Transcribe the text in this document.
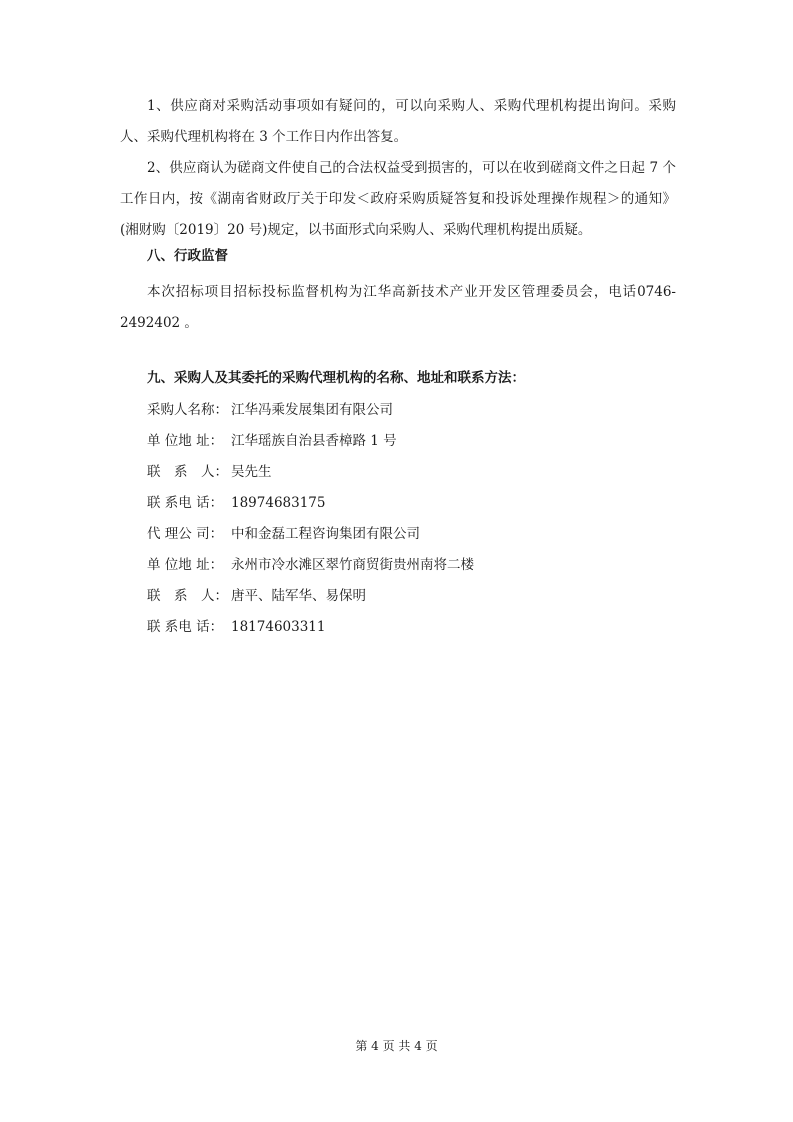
1、供应商对采购活动事项如有疑问的，可以向采购人、采购代理机构提出询问。采购人、采购代理机构将在 3 个工作日内作出答复。

2、供应商认为磋商文件使自己的合法权益受到损害的，可以在收到磋商文件之日起 7 个工作日内，按《湖南省财政厅关于印发＜政府采购质疑答复和投诉处理操作规程＞的通知》(湘财购〔2019〕20 号)规定，以书面形式向采购人、采购代理机构提出质疑。

八、行政监督

本次招标项目招标投标监督机构为江华高新技术产业开发区管理委员会，电话0746-2492402 。

九、采购人及其委托的采购代理机构的名称、地址和联系方法：
采购人名称： 江华冯乘发展集团有限公司
单 位地 址： 江华瑶族自治县香樟路 1 号
联　系　人： 吴先生
联 系电 话： 18974683175
代 理公 司： 中和金磊工程咨询集团有限公司
单 位地 址： 永州市冷水滩区翠竹商贸街贵州南将二楼
联　系　人： 唐平、陆军华、易保明
联 系电 话： 18174603311
第 4 页 共 4 页
